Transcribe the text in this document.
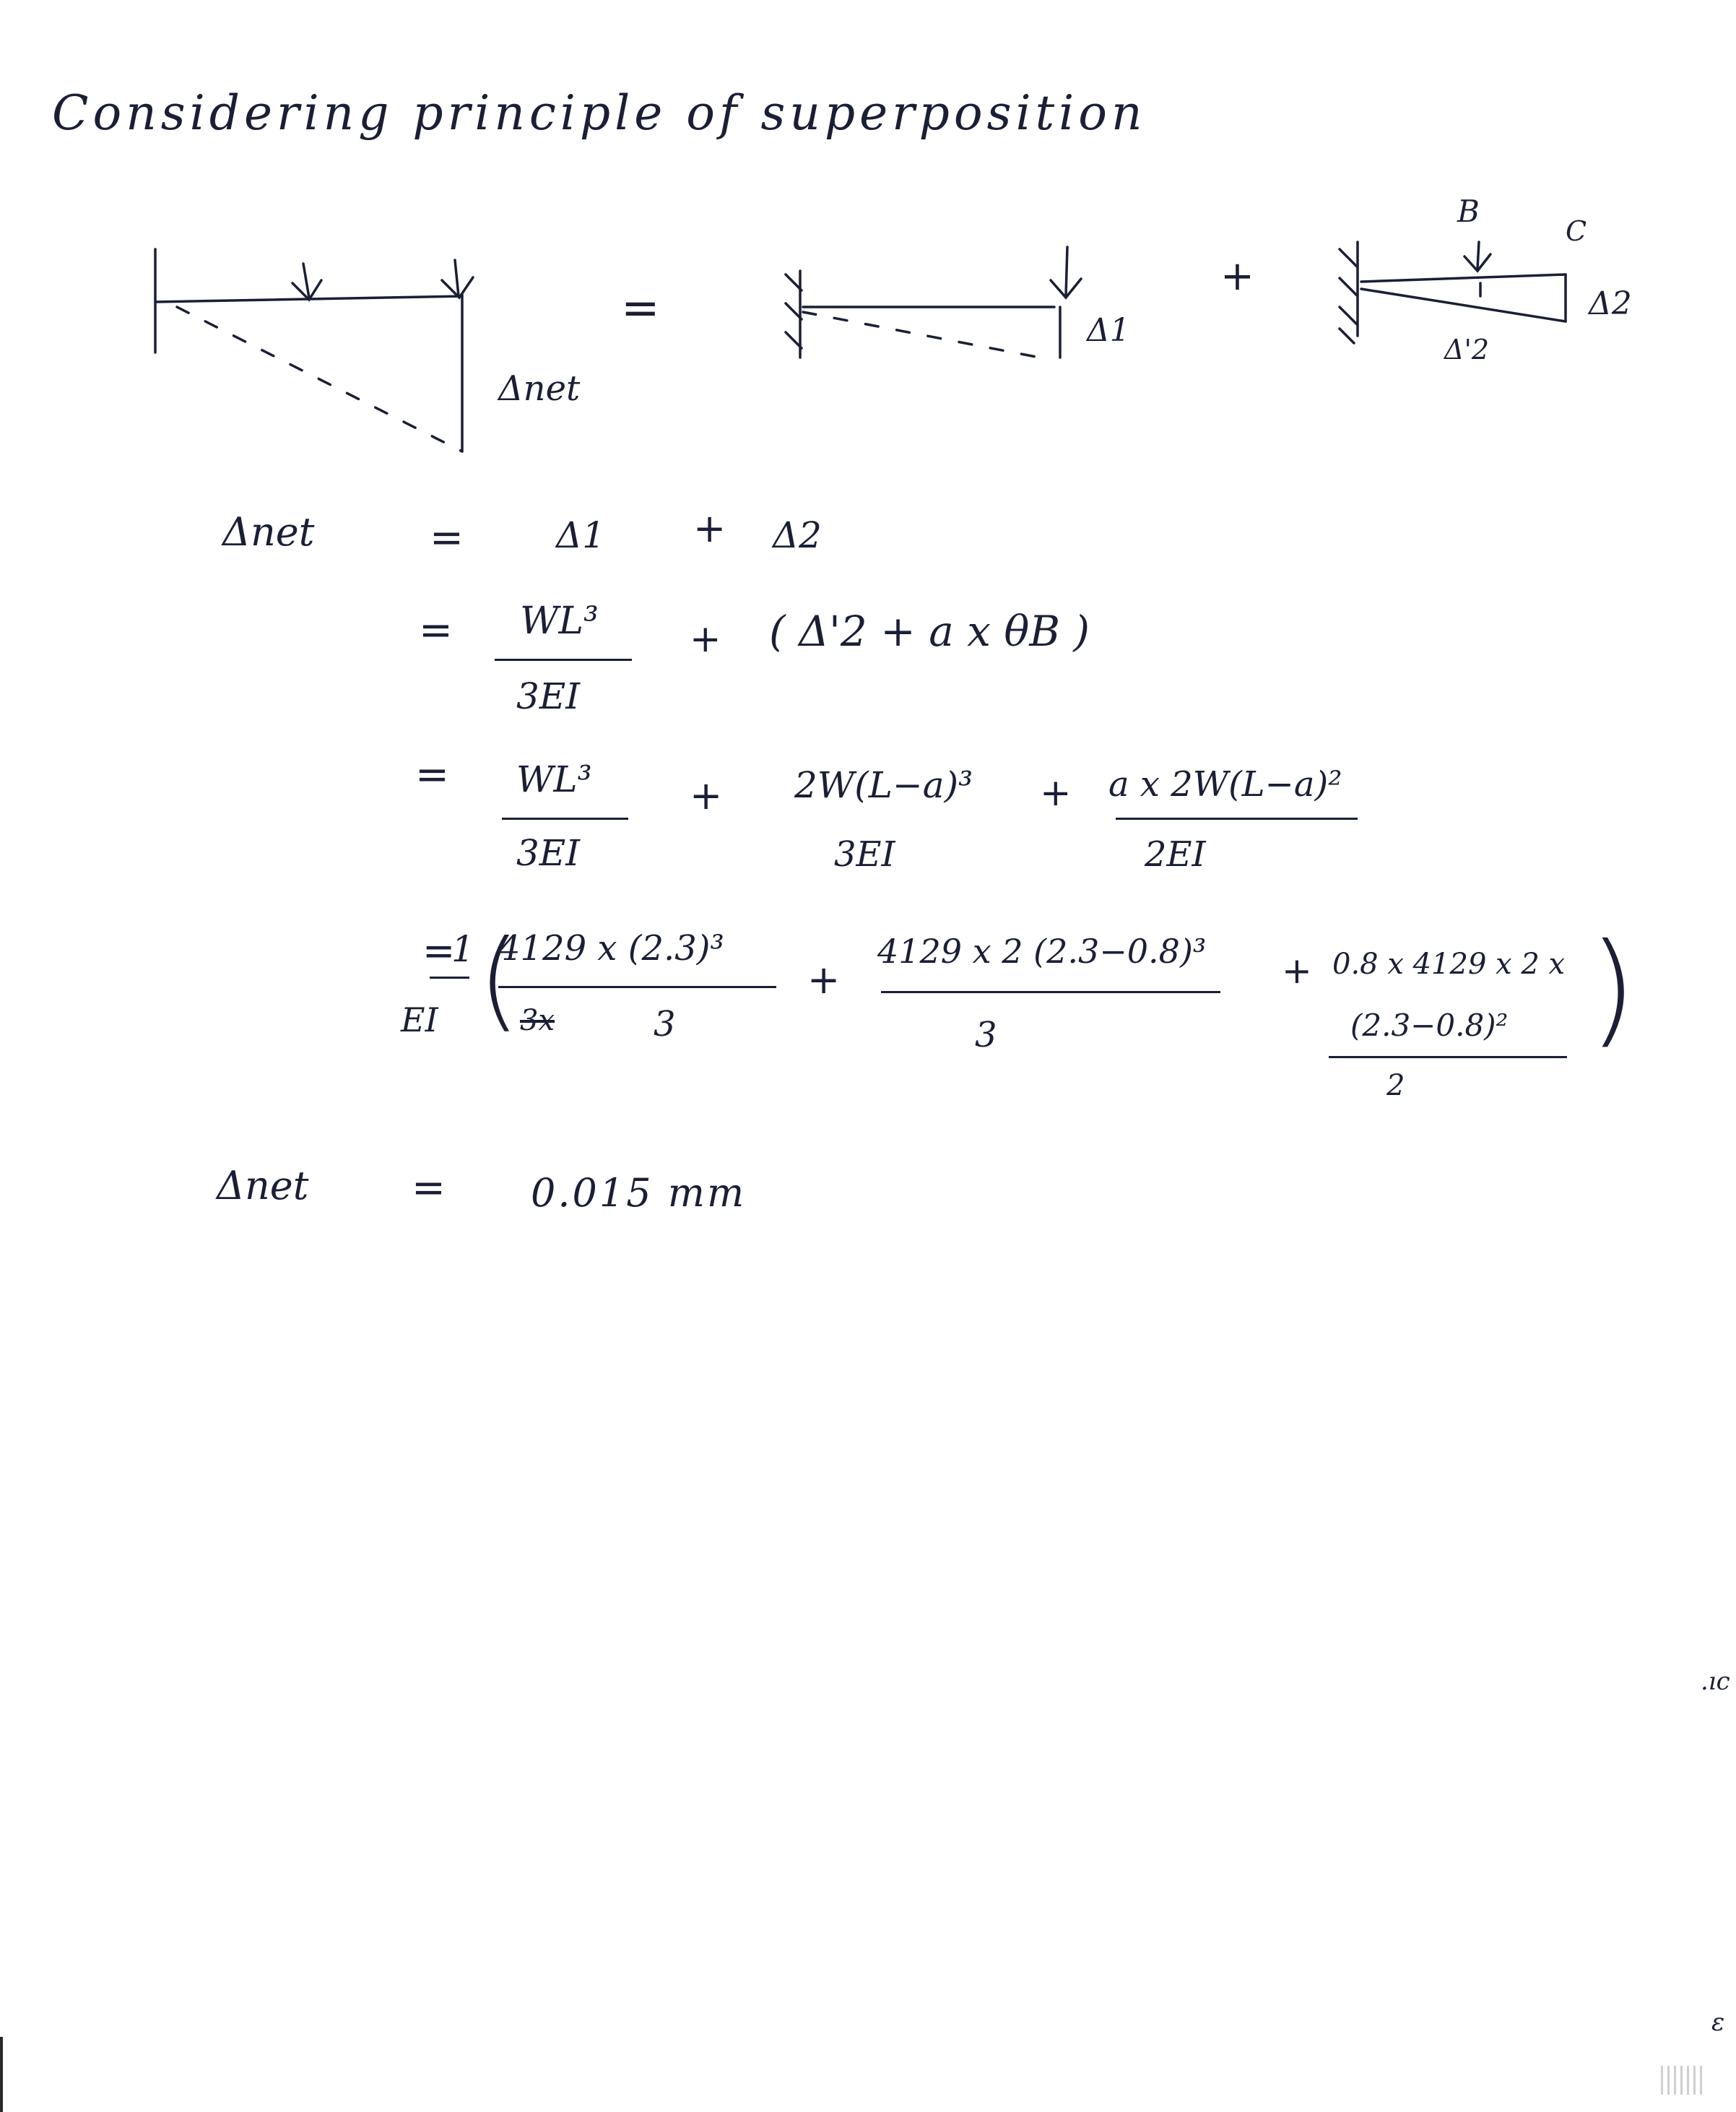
Considering principle of superposition
Δnet
=
+
Δ1
B
C
Δ2
Δ'2
Δnet	=	Δ1 + Δ2
= WL³
3EI
+ ( Δ'2 + a x θB )
= WL³
3EI
+ 2W(L−a)³
3EI
+ a x 2W(L−a)²
2EI
=
1
EI (
4129 x (2.3)³
3x	3
+
4129 x 2 (2.3−0.8)³
3
+ 0.8 x 4129 x 2 x
(2.3−0.8)²
2
)
Δnet	= 0.015 mm
.ıc
ε
